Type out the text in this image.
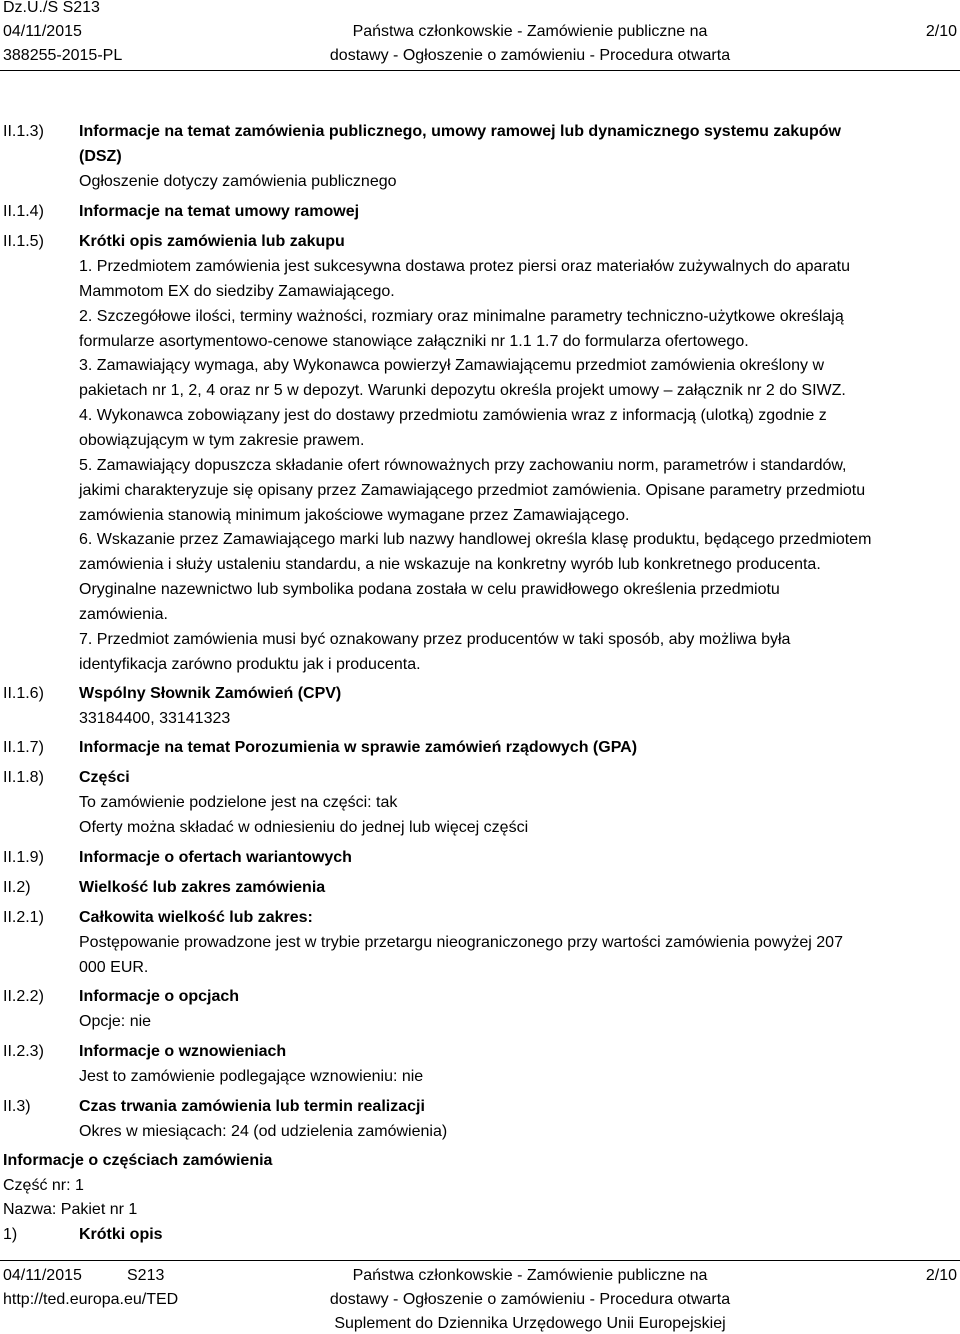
Dz.U./S S213
04/11/2015
388255-2015-PL
Państwa członkowskie - Zamówienie publiczne na
dostawy - Ogłoszenie o zamówieniu - Procedura otwarta
2/10
II.1.3)
II.1.4)
II.1.5)
II.1.6)
II.1.7)
II.1.8)
II.1.9)
II.2)
II.2.1)
II.2.2)
II.2.3)
II.3)
Informacje na temat zamówienia publicznego, umowy ramowej lub dynamicznego systemu zakupów
(DSZ)
Ogłoszenie dotyczy zamówienia publicznego
Informacje na temat umowy ramowej
Krótki opis zamówienia lub zakupu
1. Przedmiotem zamówienia jest sukcesywna dostawa protez piersi oraz materiałów zużywalnych do aparatu
Mammotom EX do siedziby Zamawiającego.
2. Szczegółowe ilości, terminy ważności, rozmiary oraz minimalne parametry techniczno-użytkowe określają
formularze asortymentowo-cenowe stanowiące załączniki nr 1.1 1.7 do formularza ofertowego.
3. Zamawiający wymaga, aby Wykonawca powierzył Zamawiającemu przedmiot zamówienia określony w
pakietach nr 1, 2, 4 oraz nr 5 w depozyt. Warunki depozytu określa projekt umowy – załącznik nr 2 do SIWZ.
4. Wykonawca zobowiązany jest do dostawy przedmiotu zamówienia wraz z informacją (ulotką) zgodnie z
obowiązującym w tym zakresie prawem.
5. Zamawiający dopuszcza składanie ofert równoważnych przy zachowaniu norm, parametrów i standardów,
jakimi charakteryzuje się opisany przez Zamawiającego przedmiot zamówienia. Opisane parametry przedmiotu
zamówienia stanowią minimum jakościowe wymagane przez Zamawiającego.
6. Wskazanie przez Zamawiającego marki lub nazwy handlowej określa klasę produktu, będącego przedmiotem
zamówienia i służy ustaleniu standardu, a nie wskazuje na konkretny wyrób lub konkretnego producenta.
Oryginalne nazewnictwo lub symbolika podana została w celu prawidłowego określenia przedmiotu
zamówienia.
7. Przedmiot zamówienia musi być oznakowany przez producentów w taki sposób, aby możliwa była
identyfikacja zarówno produktu jak i producenta.
Wspólny Słownik Zamówień (CPV)
33184400, 33141323
Informacje na temat Porozumienia w sprawie zamówień rządowych (GPA)
Części
To zamówienie podzielone jest na części: tak
Oferty można składać w odniesieniu do jednej lub więcej części
Informacje o ofertach wariantowych
Wielkość lub zakres zamówienia
Całkowita wielkość lub zakres:
Postępowanie prowadzone jest w trybie przetargu nieograniczonego przy wartości zamówienia powyżej 207
000 EUR.
Informacje o opcjach
Opcje: nie
Informacje o wznowieniach
Jest to zamówienie podlegające wznowieniu: nie
Czas trwania zamówienia lub termin realizacji
Okres w miesiącach: 24 (od udzielenia zamówienia)
Informacje o częściach zamówienia
Część nr: 1
Nazwa: Pakiet nr 1
1)	Krótki opis
04/11/2015	S213
http://ted.europa.eu/TED
Państwa członkowskie - Zamówienie publiczne na
dostawy - Ogłoszenie o zamówieniu - Procedura otwarta
Suplement do Dziennika Urzędowego Unii Europejskiej
2/10
